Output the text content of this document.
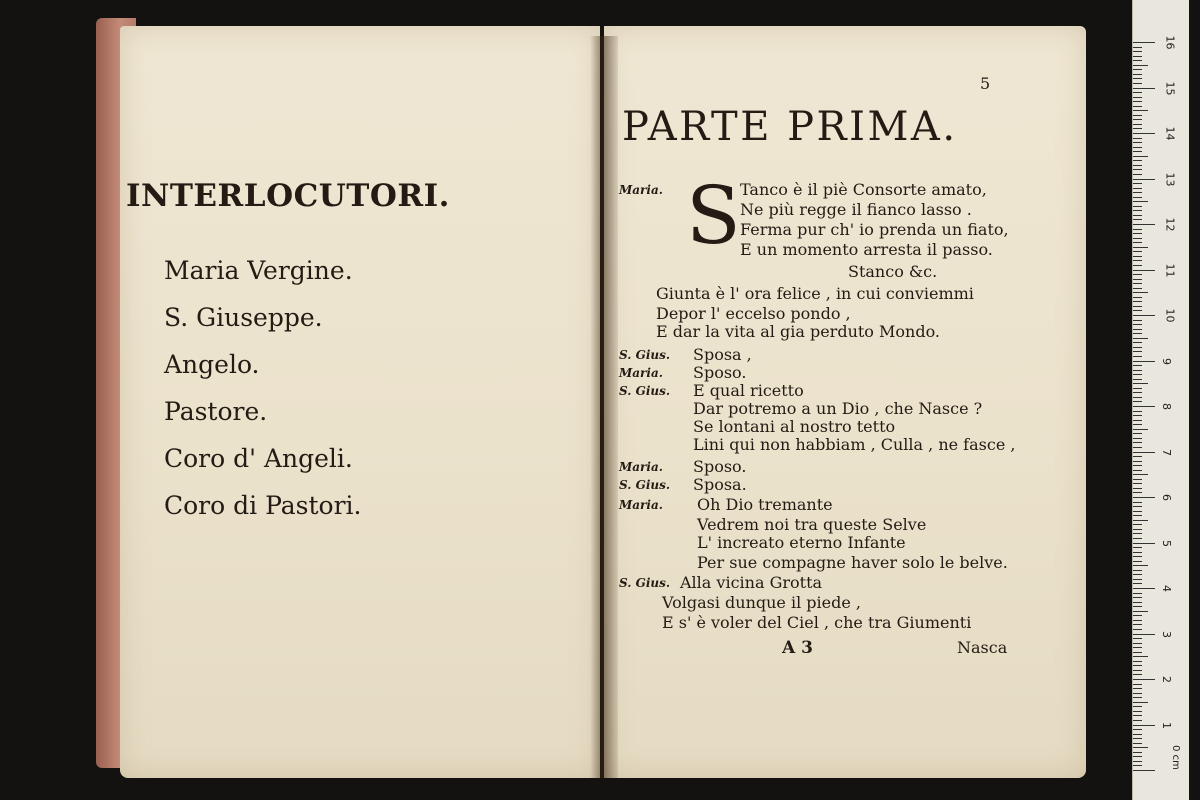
INTERLOCUTORI.
Maria Vergine.
S. Giuseppe.
Angelo.
Pastore.
Coro d' Angeli.
Coro di Pastori.
5
PARTE PRIMA.
S
Maria.	Tanco è il piè Consorte amato,
Ne più regge il fianco lasso .
Ferma pur ch' io prenda un fiato,
E un momento arresta il passo.
Stanco &c.
Giunta è l' ora felice , in cui conviemmi
Depor l' eccelso pondo ,
E dar la vita al gia perduto Mondo.
S. Gius. Sposa ,
Maria. Sposo.
S. Gius. E qual ricetto
Dar potremo a un Dio , che Nasce ?
Se lontani al nostro tetto
Lini qui non habbiam , Culla , ne fasce ,
Maria. Sposo.
S. Gius. Sposa.
Maria. Oh Dio tremante
Vedrem noi tra queste Selve
L' increato eterno Infante
Per sue compagne haver solo le belve.
S. Gius. Alla vicina Grotta
Volgasi dunque il piede ,
E s' è voler del Ciel , che tra Giumenti
A 3	Nasca
0 cm
16
15
14
13
12
11
10
9
8
7
6
5
4
3
2
1
